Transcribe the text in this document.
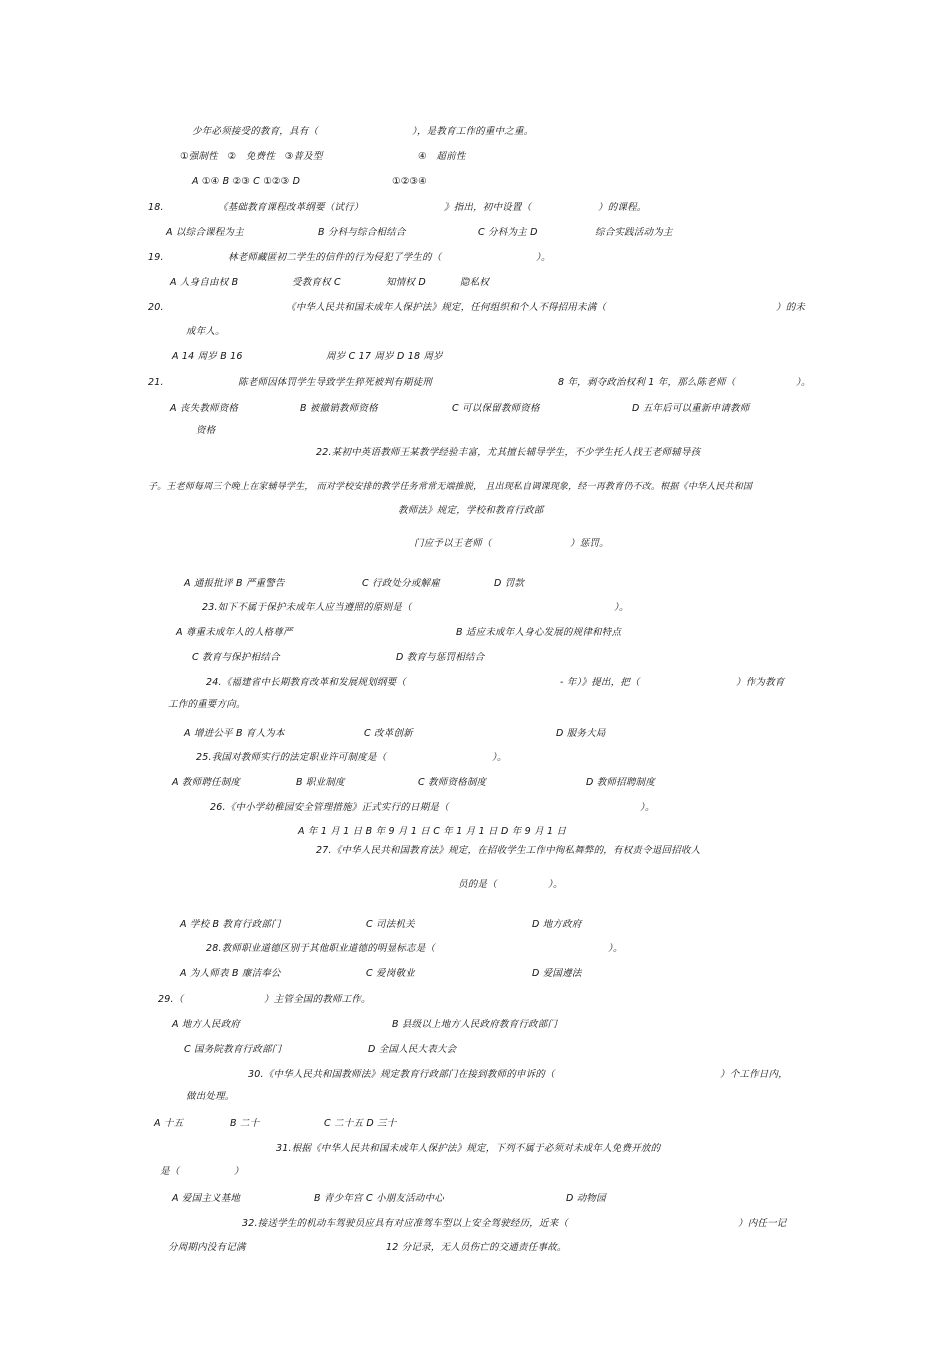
少年必须接受的教育，具有（	），是教育工作的重中之重。
①强制性　②　免费性　③普及型	④　超前性
A ①④ B ②③ C ①②③ D	①②③④
18.	《基础教育课程改革纲要（试行）	》指出，初中设置（	）的课程。
A 以综合课程为主	B 分科与综合相结合	C 分科为主 D	综合实践活动为主
19.	林老师藏匿初二学生的信件的行为侵犯了学生的（	）。
A 人身自由权 B	受教育权 C	知情权 D	隐私权
20.	《中华人民共和国未成年人保护法》规定，任何组织和个人不得招用未满（	）的未
成年人。
A 14 周岁 B 16	周岁 C 17 周岁 D 18 周岁
21.	陈老师因体罚学生导致学生猝死被判有期徒刑	8 年，剥夺政治权利 1 年，那么陈老师（	）。
A 丧失教师资格	B 被撤销教师资格	C 可以保留教师资格	D 五年后可以重新申请教师
资格
22.某初中英语教师王某教学经验丰富，尤其擅长辅导学生，不少学生托人找王老师辅导孩
子。王老师每周三个晚上在家辅导学生， 而对学校安排的教学任务常常无端推脱， 且出现私自调课现象，经一再教育仍不改。根据《中华人民共和国
教师法》规定，学校和教育行政部
门应予以王老师（	）惩罚。
A 通报批评 B 严重警告	C 行政处分或解雇	D 罚款
23.如下不属于保护未成年人应当遵照的原则是（	）。
A 尊重未成年人的人格尊严	B 适应未成年人身心发展的规律和特点
C 教育与保护相结合	D 教育与惩罚相结合
24.《福建省中长期教育改革和发展规划纲要（	- 年）》提出，把（	）作为教育
工作的重要方向。
A 增进公平 B 育人为本	C 改革创新	D 服务大局
25.我国对教师实行的法定职业许可制度是（	）。
A 教师聘任制度	B 职业制度	C 教师资格制度	D 教师招聘制度
26.《中小学幼稚园安全管理措施》正式实行的日期是（	）。
A 年 1 月 1 日 B 年 9 月 1 日 C 年 1 月 1 日 D 年 9 月 1 日
27.《中华人民共和国教育法》规定，在招收学生工作中徇私舞弊的，有权责令退回招收人
员的是（	）。
A 学校 B 教育行政部门	C 司法机关	D 地方政府
28.教师职业道德区别于其他职业道德的明显标志是（	）。
A 为人师表 B 廉洁奉公	C 爱岗敬业	D 爱国遵法
29.（	）主管全国的教师工作。
A 地方人民政府	B 县级以上地方人民政府教育行政部门
C 国务院教育行政部门	D 全国人民大表大会
30.《中华人民共和国教师法》规定教育行政部门在接到教师的申诉的（	）个工作日内，
做出处理。
A 十五	B 二十	C 二十五 D 三十
31.根据《中华人民共和国未成年人保护法》规定，下列不属于必须对未成年人免费开放的
是（	）
A 爱国主义基地	B 青少年宫 C 小朋友活动中心	D 动物园
32.接送学生的机动车驾驶员应具有对应准驾车型以上安全驾驶经历，近来（	）内任一记
分周期内没有记满	12 分记录，无人员伤亡的交通责任事故。
